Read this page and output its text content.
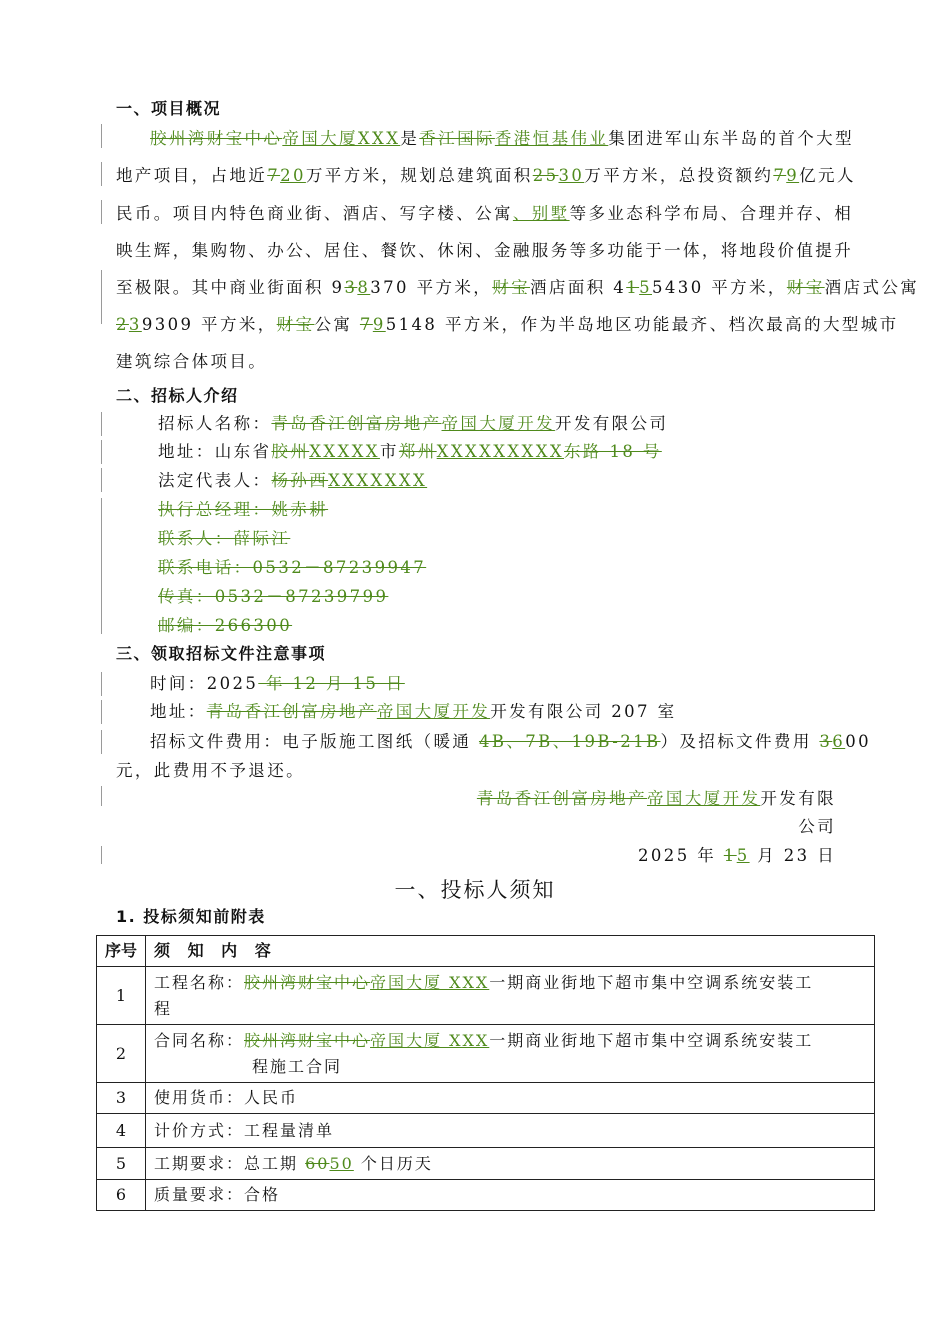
一、项目概况
胶州湾财宝中心帝国大厦XXX是香江国际香港恒基伟业集团进军山东半岛的首个大型
地产项目，占地近720万平方米，规划总建筑面积2530万平方米，总投资额约79亿元人
民币。项目内特色商业街、酒店、写字楼、公寓、别墅等多业态科学布局、合理并存、相
映生辉，集购物、办公、居住、餐饮、休闲、金融服务等多功能于一体，将地段价值提升
至极限。其中商业街面积 938370 平方米，财宝酒店面积 4155430 平方米，财宝酒店式公寓
239309 平方米，财宝公寓 795148 平方米，作为半岛地区功能最齐、档次最高的大型城市
建筑综合体项目。
二、招标人介绍
招标人名称：青岛香江创富房地产帝国大厦开发开发有限公司
地址：山东省胶州XXXXX市郑州XXXXXXXXX东路 18 号
法定代表人：杨孙西XXXXXXX
执行总经理：姚赤耕
联系人：薛际江
联系电话：0532－87239947
传真：0532－87239799
邮编：266300
三、领取招标文件注意事项
时间：2025 年 12 月 15 日
地址：青岛香江创富房地产帝国大厦开发开发有限公司 207 室
招标文件费用：电子版施工图纸（暖通 4B、7B、19B-21B）及招标文件费用 3600
元，此费用不予退还。
青岛香江创富房地产帝国大厦开发开发有限
公司
2025 年 15 月 23 日
一、投标人须知
1. 投标须知前附表
序号	须 知 内 容
1	工程名称：胶州湾财宝中心帝国大厦 XXX一期商业街地下超市集中空调系统安装工
程
2	合同名称：胶州湾财宝中心帝国大厦 XXX一期商业街地下超市集中空调系统安装工
程施工合同
3	使用货币：人民币
4	计价方式：工程量清单
5	工期要求：总工期 6050 个日历天
6	质量要求：合格
